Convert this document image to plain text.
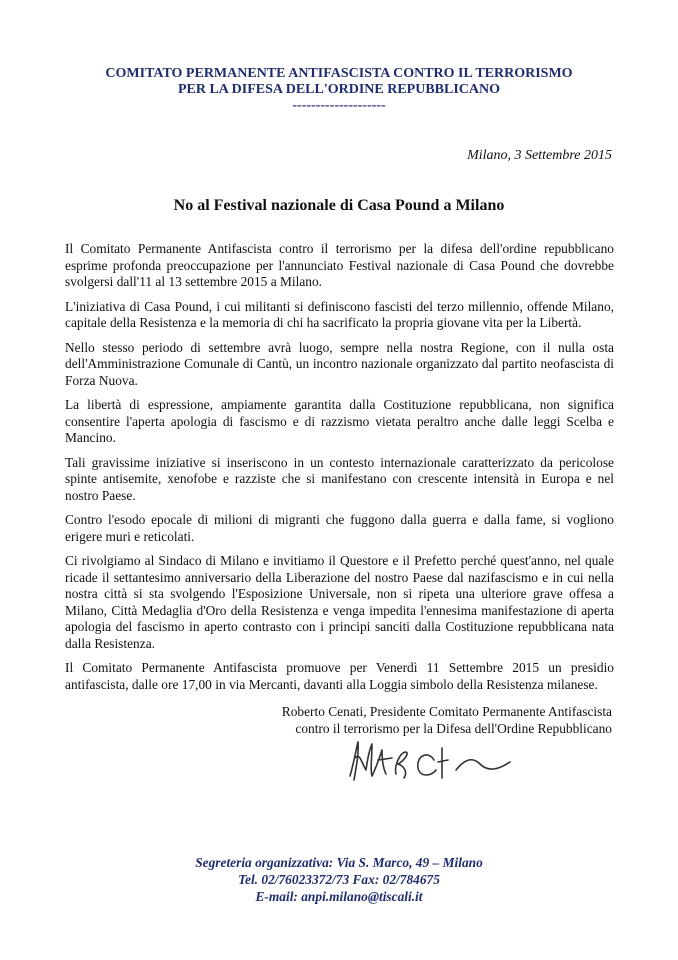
COMITATO PERMANENTE ANTIFASCISTA CONTRO IL TERRORISMO
PER LA DIFESA DELL'ORDINE REPUBBLICANO
--------------------
Milano, 3 Settembre 2015
No al Festival nazionale di Casa Pound a Milano

Il Comitato Permanente Antifascista contro il terrorismo per la difesa dell'ordine repubblicano esprime profonda preoccupazione per l'annunciato Festival nazionale di Casa Pound che dovrebbe svolgersi dall'11 al 13 settembre 2015 a Milano.

L'iniziativa di Casa Pound, i cui militanti si definiscono fascisti del terzo millennio, offende Milano, capitale della Resistenza e la memoria di chi ha sacrificato la propria giovane vita per la Libertà.

Nello stesso periodo di settembre avrà luogo, sempre nella nostra Regione, con il nulla osta dell'Amministrazione Comunale di Cantù, un incontro nazionale organizzato dal partito neofascista di Forza Nuova.

La libertà di espressione, ampiamente garantita dalla Costituzione repubblicana, non significa consentire l'aperta apologia di fascismo e di razzismo vietata peraltro anche dalle leggi Scelba e Mancino.

Tali gravissime iniziative si inseriscono in un contesto internazionale caratterizzato da pericolose spinte antisemite, xenofobe e razziste che si manifestano con crescente intensità in Europa e nel nostro Paese.

Contro l'esodo epocale di milioni di migranti che fuggono dalla guerra e dalla fame, si vogliono erigere muri e reticolati.

Ci rivolgiamo al Sindaco di Milano e invitiamo il Questore e il Prefetto perché quest'anno, nel quale ricade il settantesimo anniversario della Liberazione del nostro Paese dal nazifascismo e in cui nella nostra città si sta svolgendo l'Esposizione Universale, non si ripeta una ulteriore grave offesa a Milano, Città Medaglia d'Oro della Resistenza e venga impedita l'ennesima manifestazione di aperta apologia del fascismo in aperto contrasto con i principi sanciti dalla Costituzione repubblicana nata dalla Resistenza.

Il Comitato Permanente Antifascista promuove per Venerdì 11 Settembre 2015 un presidio antifascista, dalle ore 17,00 in via Mercanti, davanti alla Loggia simbolo della Resistenza milanese.

Roberto Cenati, Presidente Comitato Permanente Antifascista
contro il terrorismo per la Difesa dell'Ordine Repubblicano
Segreteria organizzativa: Via S. Marco, 49 – Milano
Tel. 02/76023372/73 Fax: 02/784675
E-mail: anpi.milano@tiscali.it
